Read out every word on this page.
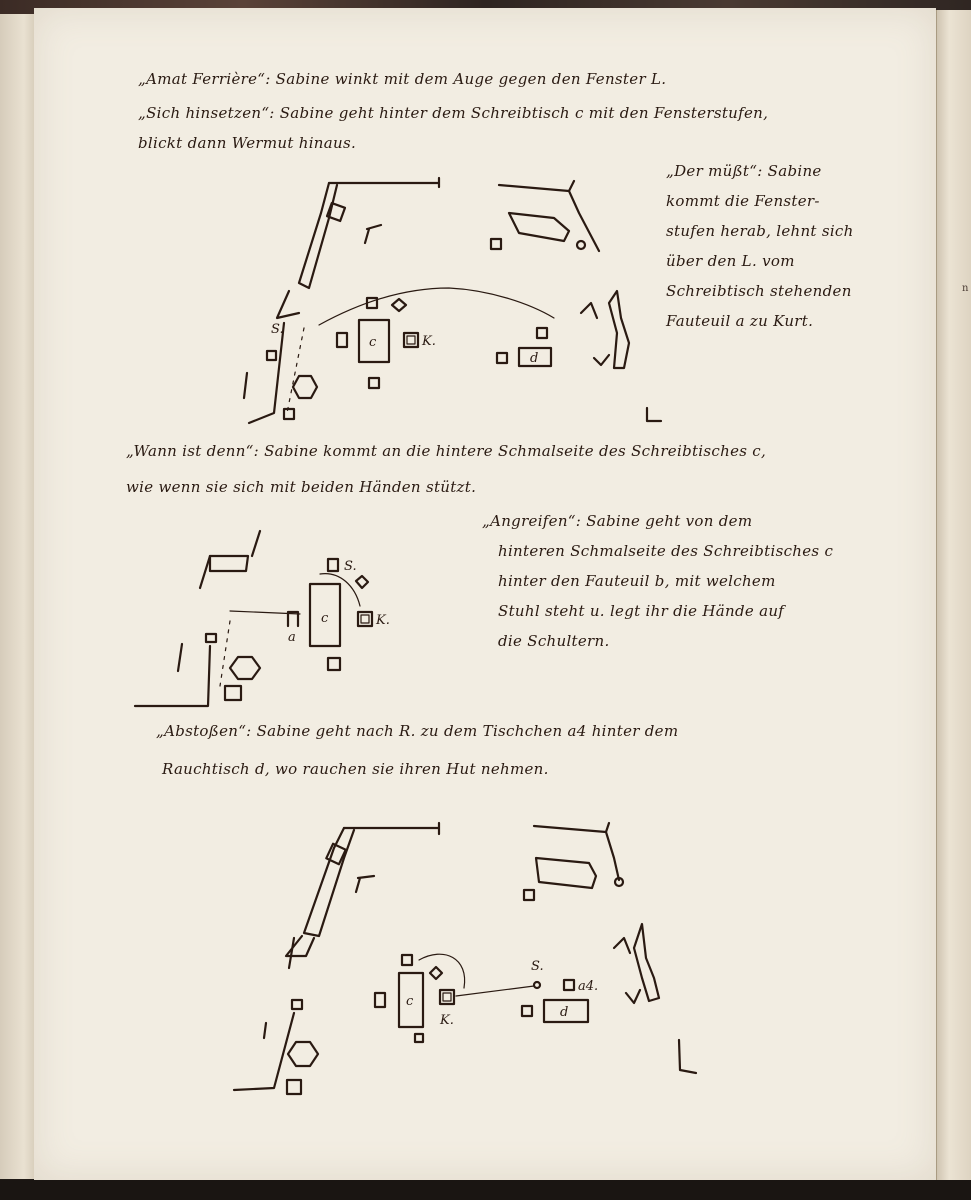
n

„Amat Ferrière“: Sabine winkt mit dem Auge gegen den Fenster L.

„Sich hinsetzen“: Sabine geht hinter dem Schreibtisch c mit den Fensterstufen,

blickt dann Wermut hinaus.

„Der müßt“: Sabine

kommt die Fenster-

stufen herab, lehnt sich

über den L. vom

Schreibtisch stehenden

Fauteuil a zu Kurt.

c	K.
S.
d

„Wann ist denn“: Sabine kommt an die hintere Schmalseite des Schreibtisches c,

wie wenn sie sich mit beiden Händen stützt.

„Angreifen“: Sabine geht von dem

hinteren Schmalseite des Schreibtisches c

hinter den Fauteuil b, mit welchem

Stuhl steht u. legt ihr die Hände auf

die Schultern.

c
S.
a
K.

„Abstoßen“: Sabine geht nach R. zu dem Tischchen a4 hinter dem

Rauchtisch d, wo rauchen sie ihren Hut nehmen.

c
K.
S.
a4.
d
